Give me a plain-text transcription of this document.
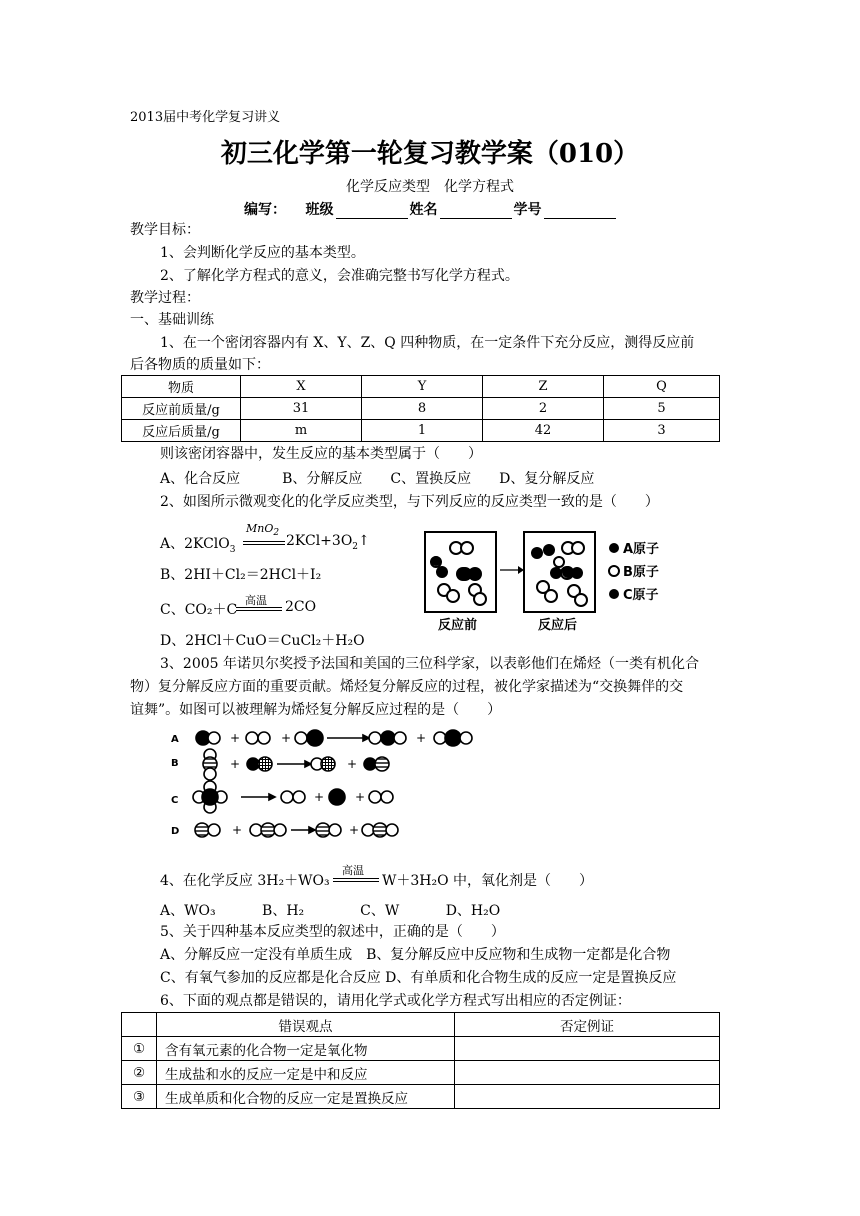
2013届中考化学复习讲义
初三化学第一轮复习教学案（010）
化学反应类型　化学方程式
编写： 班级	姓名	学号
教学目标：
1、会判断化学反应的基本类型。
2、了解化学方程式的意义，会准确完整书写化学方程式。
教学过程：
一、基础训练
1、在一个密闭容器内有 X、Y、Z、Q 四种物质，在一定条件下充分反应，测得反应前
后各物质的质量如下：
物质	X	Y	Z	Q
反应前质量/g	31	8	2	5
反应后质量/g	m	1	42	3
则该密闭容器中，发生反应的基本类型属于（　　）
A、化合反应　　　B、分解反应　　C、置换反应　　D、复分解反应
2、如图所示微观变化的化学反应类型，与下列反应的反应类型一致的是（　　）
A、2KClO$_3$
MnO$_2$ $2KCl+3O_2↑$
B、2HI＋Cl₂＝2HCl＋I₂
C、CO₂＋C
高温 2CO
D、2HCl＋CuO＝CuCl₂＋H₂O
A原子
B原子
C原子
反应前	反应后
3、2005 年诺贝尔奖授予法国和美国的三位科学家，以表彰他们在烯烃（一类有机化合
物）复分解反应方面的重要贡献。烯烃复分解反应的过程，被化学家描述为“交换舞伴的交
谊舞”。如图可以被理解为烯烃复分解反应过程的是（　　）
A
B
C
D
+	+	+
+	+
+	+
+	+
4、在化学反应 3H₂＋WO₃
高温
W＋3H₂O 中，氧化剂是（　　）
A、WO₃　　　 B、H₂　　　　C、W　　　 D、H₂O
5、关于四种基本反应类型的叙述中，正确的是（　　）
A、分解反应一定没有单质生成　B、复分解反应中反应物和生成物一定都是化合物
C、有氧气参加的反应都是化合反应 D、有单质和化合物生成的反应一定是置换反应
6、下面的观点都是错误的，请用化学式或化学方程式写出相应的否定例证：
	错误观点	否定例证
①	含有氧元素的化合物一定是氧化物	
②	生成盐和水的反应一定是中和反应	
③	生成单质和化合物的反应一定是置换反应	
